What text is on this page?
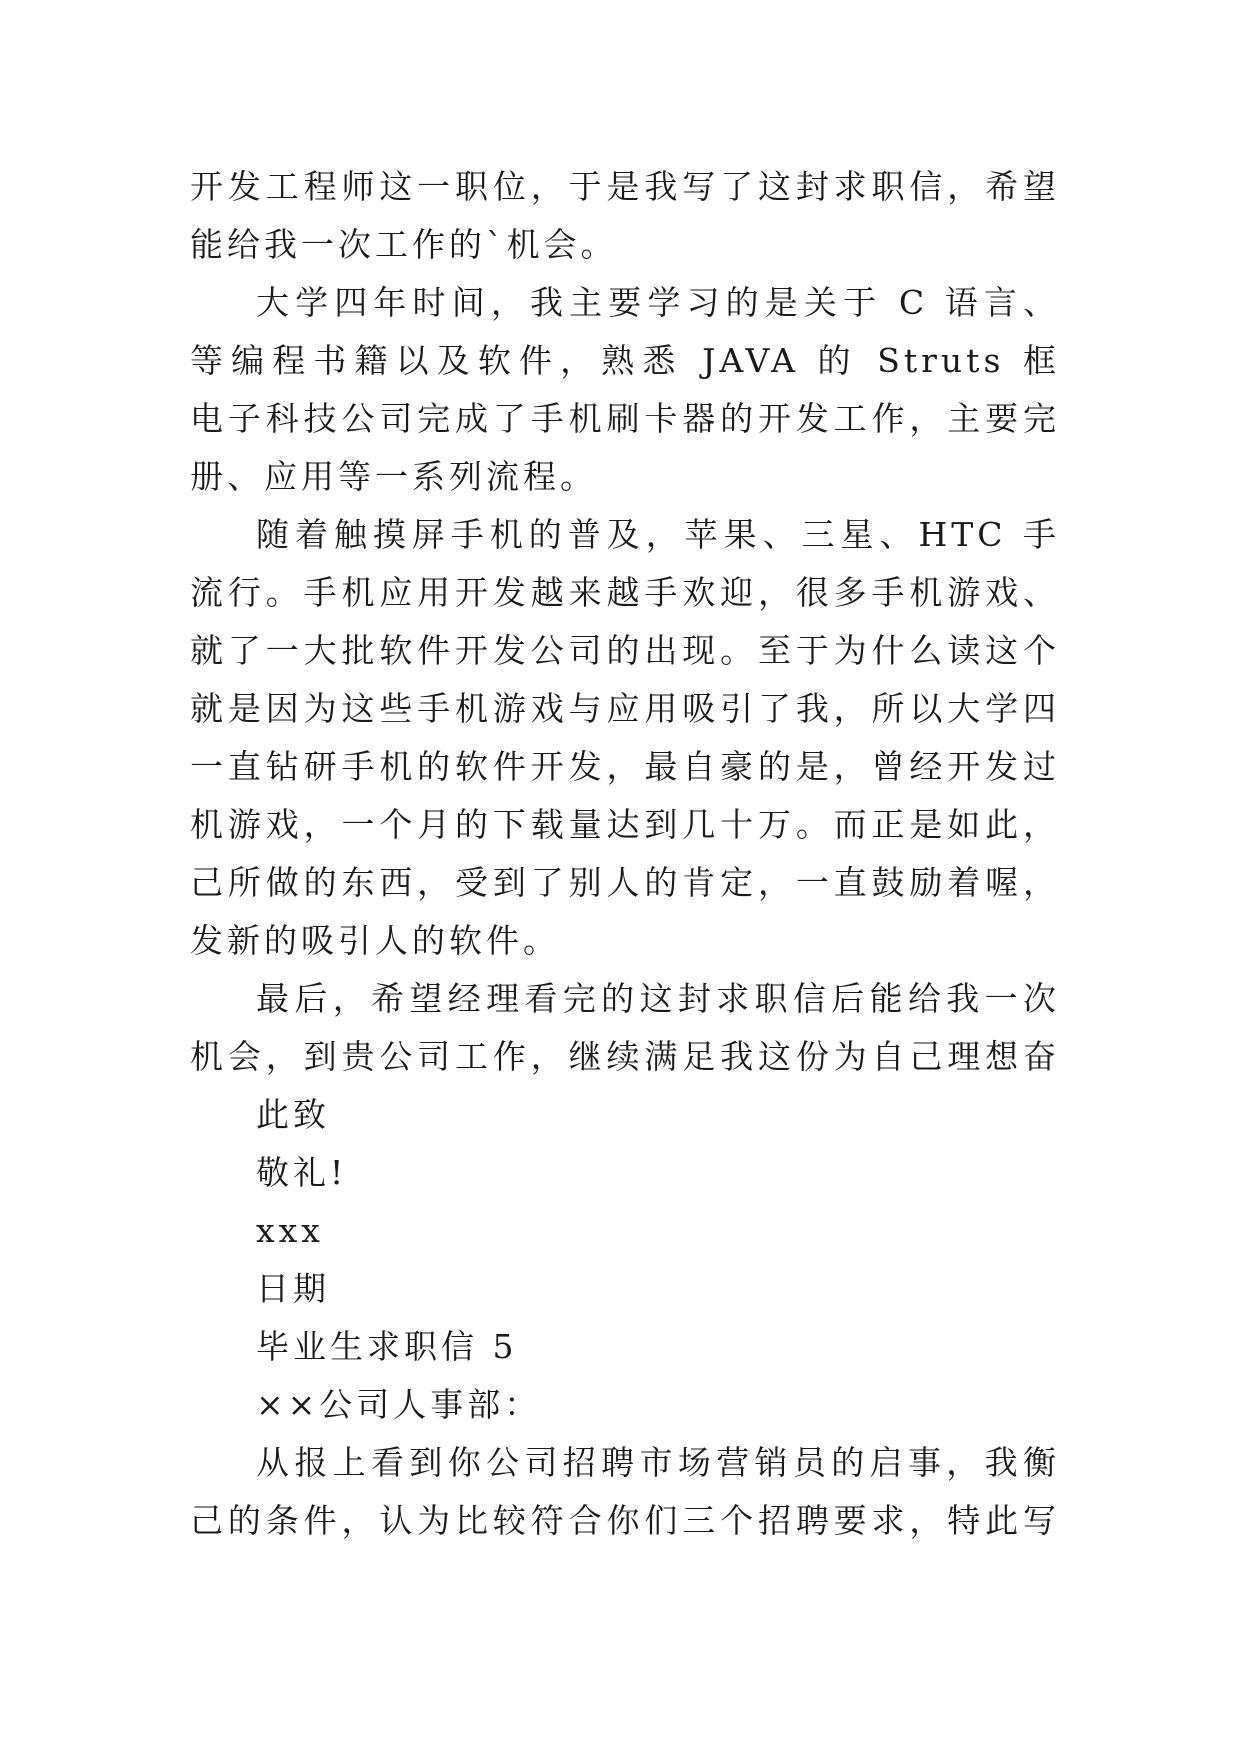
开发工程师这一职位，于是我写了这封求职信，希望
能给我一次工作的`机会。
大学四年时间，我主要学习的是关于 C 语言、
等编程书籍以及软件，熟悉 JAVA 的 Struts 框
电子科技公司完成了手机刷卡器的开发工作，主要完
册、应用等一系列流程。
随着触摸屏手机的普及，苹果、三星、HTC 手
流行。手机应用开发越来越手欢迎，很多手机游戏、
就了一大批软件开发公司的出现。至于为什么读这个
就是因为这些手机游戏与应用吸引了我，所以大学四
一直钻研手机的软件开发，最自豪的是，曾经开发过
机游戏，一个月的下载量达到几十万。而正是如此，
己所做的东西，受到了别人的肯定，一直鼓励着喔，
发新的吸引人的软件。
最后，希望经理看完的这封求职信后能给我一次
机会，到贵公司工作，继续满足我这份为自己理想奋
此致
敬礼!
xxx
日期
毕业生求职信 5
××公司人事部：
从报上看到你公司招聘市场营销员的启事，我衡
己的条件，认为比较符合你们三个招聘要求，特此写
